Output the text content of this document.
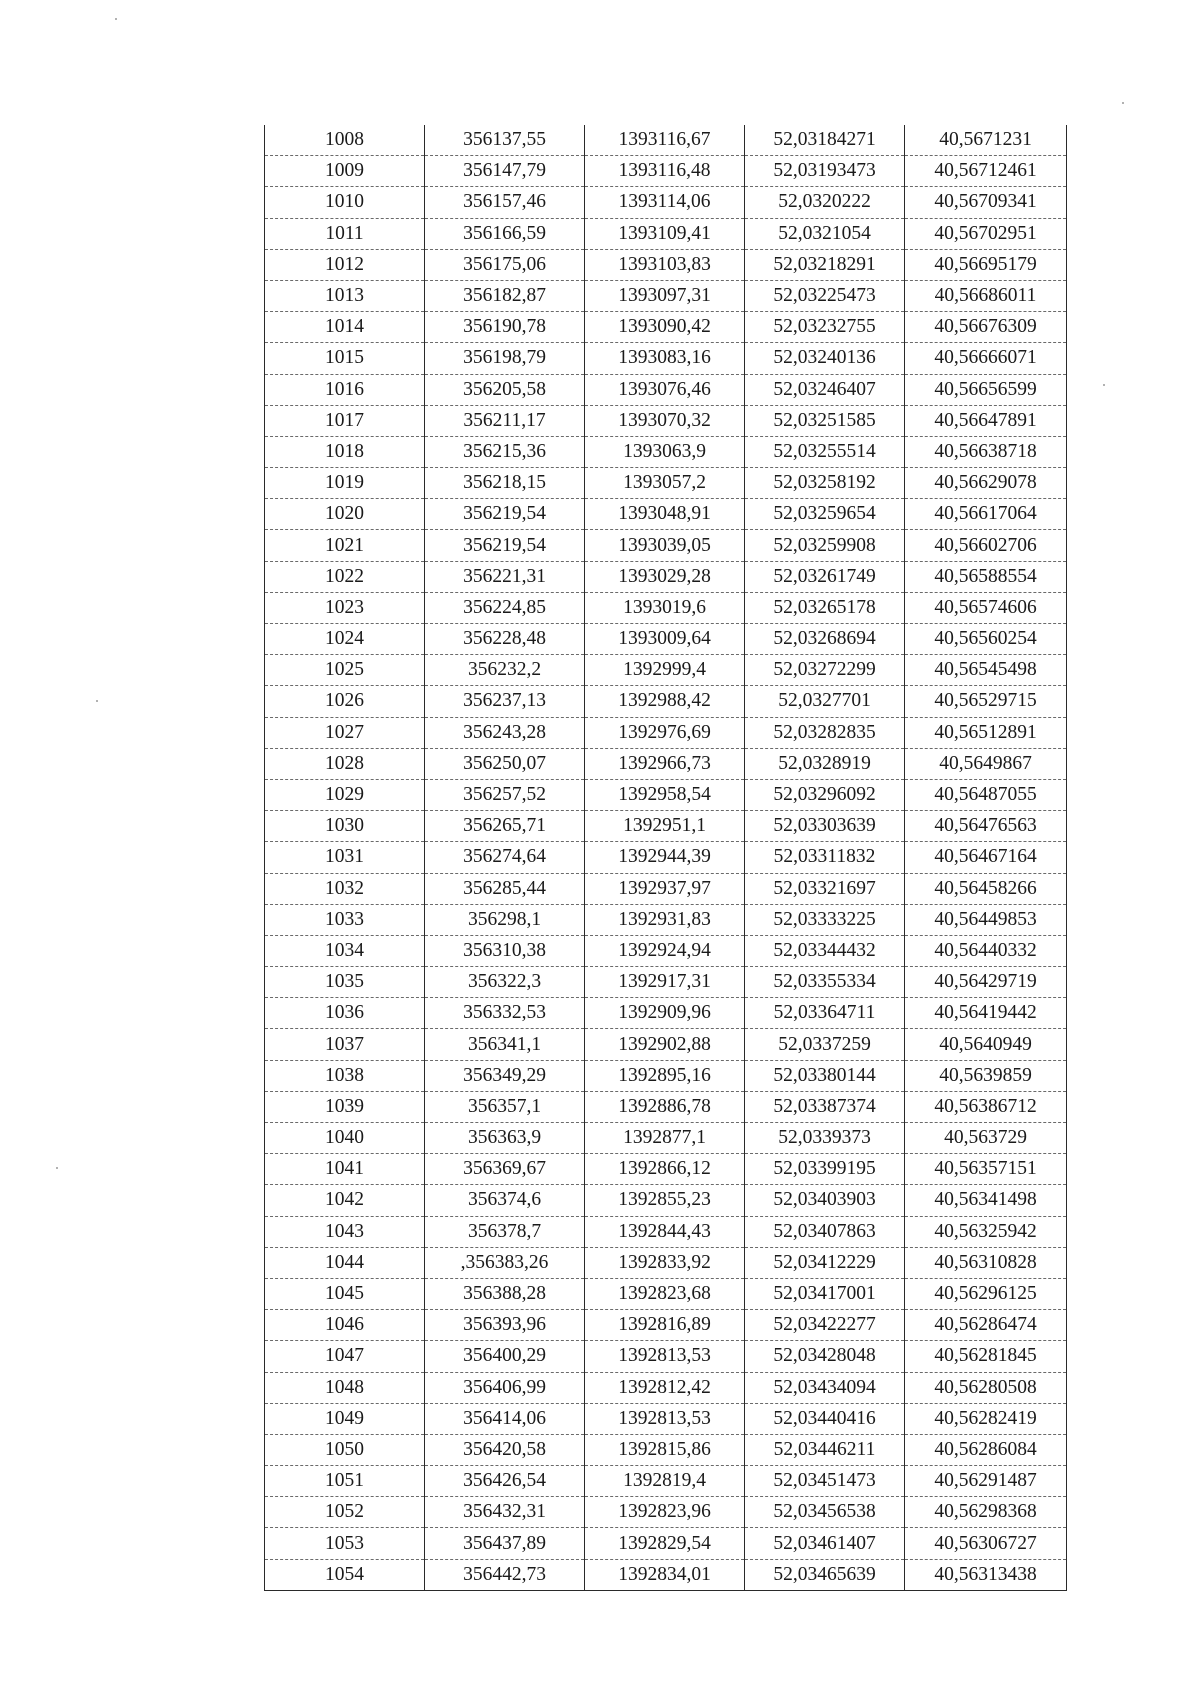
1008	356137,55	1393116,67	52,03184271	40,5671231
1009	356147,79	1393116,48	52,03193473	40,56712461
1010	356157,46	1393114,06	52,0320222	40,56709341
1011	356166,59	1393109,41	52,0321054	40,56702951
1012	356175,06	1393103,83	52,03218291	40,56695179
1013	356182,87	1393097,31	52,03225473	40,56686011
1014	356190,78	1393090,42	52,03232755	40,56676309
1015	356198,79	1393083,16	52,03240136	40,56666071
1016	356205,58	1393076,46	52,03246407	40,56656599
1017	356211,17	1393070,32	52,03251585	40,56647891
1018	356215,36	1393063,9	52,03255514	40,56638718
1019	356218,15	1393057,2	52,03258192	40,56629078
1020	356219,54	1393048,91	52,03259654	40,56617064
1021	356219,54	1393039,05	52,03259908	40,56602706
1022	356221,31	1393029,28	52,03261749	40,56588554
1023	356224,85	1393019,6	52,03265178	40,56574606
1024	356228,48	1393009,64	52,03268694	40,56560254
1025	356232,2	1392999,4	52,03272299	40,56545498
1026	356237,13	1392988,42	52,0327701	40,56529715
1027	356243,28	1392976,69	52,03282835	40,56512891
1028	356250,07	1392966,73	52,0328919	40,5649867
1029	356257,52	1392958,54	52,03296092	40,56487055
1030	356265,71	1392951,1	52,03303639	40,56476563
1031	356274,64	1392944,39	52,03311832	40,56467164
1032	356285,44	1392937,97	52,03321697	40,56458266
1033	356298,1	1392931,83	52,03333225	40,56449853
1034	356310,38	1392924,94	52,03344432	40,56440332
1035	356322,3	1392917,31	52,03355334	40,56429719
1036	356332,53	1392909,96	52,03364711	40,56419442
1037	356341,1	1392902,88	52,0337259	40,5640949
1038	356349,29	1392895,16	52,03380144	40,5639859
1039	356357,1	1392886,78	52,03387374	40,56386712
1040	356363,9	1392877,1	52,0339373	40,563729
1041	356369,67	1392866,12	52,03399195	40,56357151
1042	356374,6	1392855,23	52,03403903	40,56341498
1043	356378,7	1392844,43	52,03407863	40,56325942
1044	,356383,26	1392833,92	52,03412229	40,56310828
1045	356388,28	1392823,68	52,03417001	40,56296125
1046	356393,96	1392816,89	52,03422277	40,56286474
1047	356400,29	1392813,53	52,03428048	40,56281845
1048	356406,99	1392812,42	52,03434094	40,56280508
1049	356414,06	1392813,53	52,03440416	40,56282419
1050	356420,58	1392815,86	52,03446211	40,56286084
1051	356426,54	1392819,4	52,03451473	40,56291487
1052	356432,31	1392823,96	52,03456538	40,56298368
1053	356437,89	1392829,54	52,03461407	40,56306727
1054	356442,73	1392834,01	52,03465639	40,56313438
